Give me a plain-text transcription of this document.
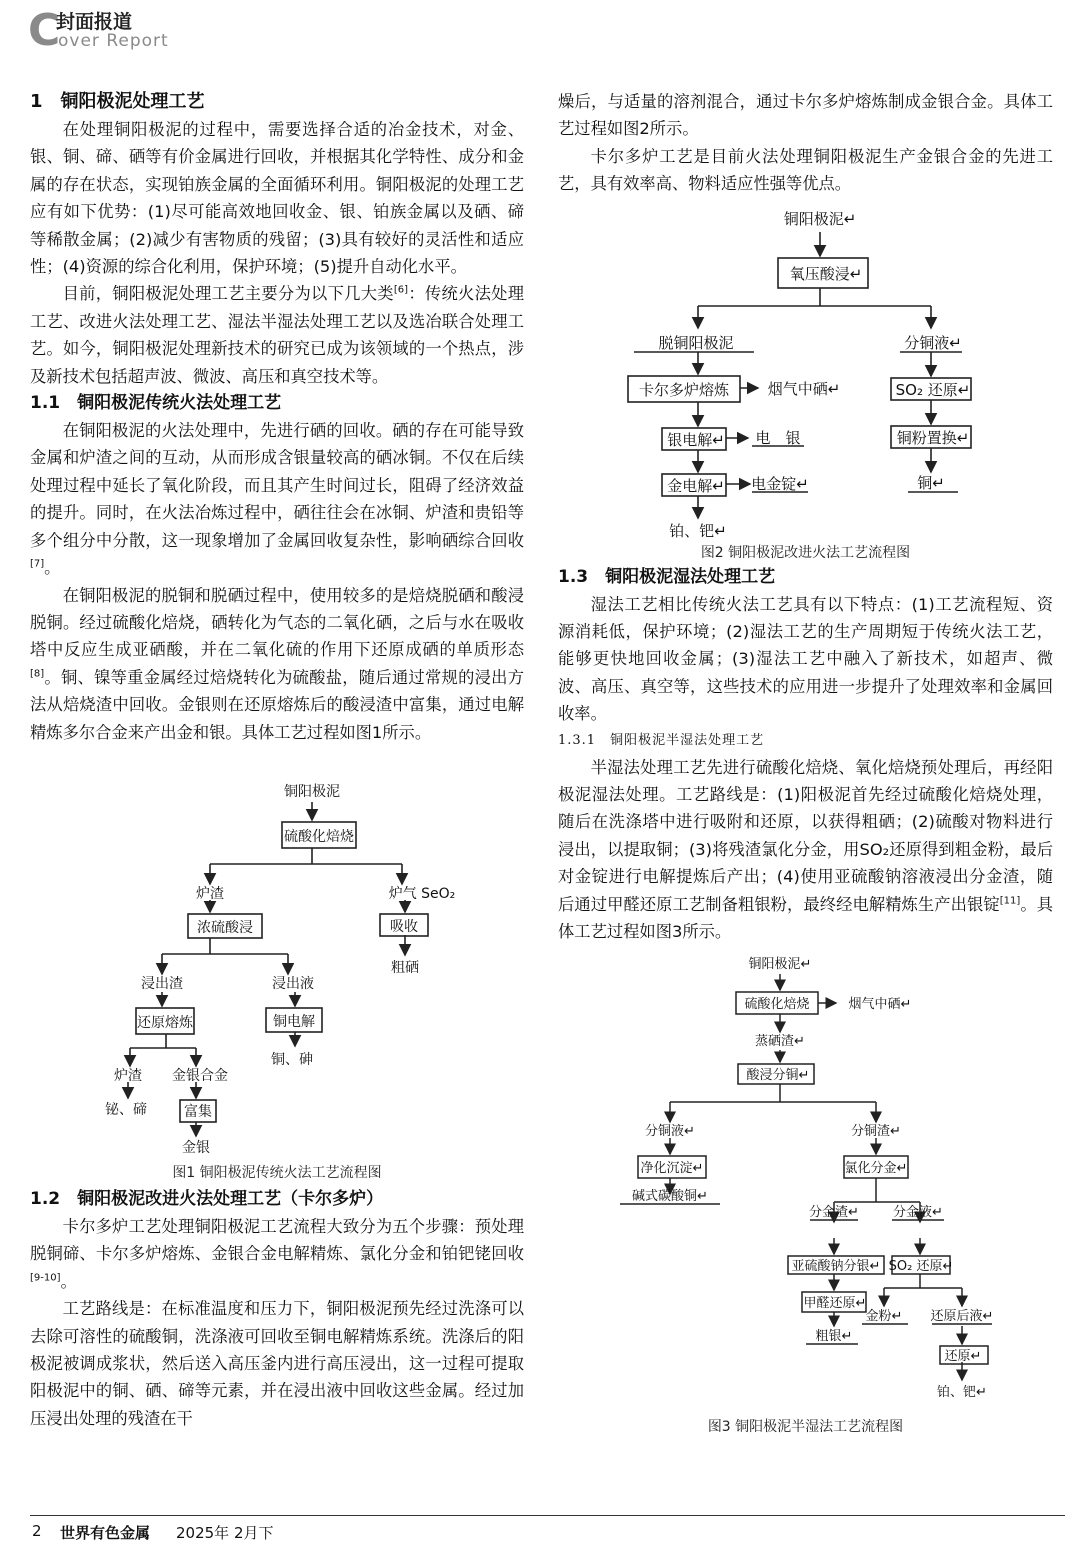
C
封面报道
over Report
1　铜阳极泥处理工艺

在处理铜阳极泥的过程中，需要选择合适的冶金技术，对金、银、铜、碲、硒等有价金属进行回收，并根据其化学特性、成分和金属的存在状态，实现铂族金属的全面循环利用。铜阳极泥的处理工艺应有如下优势：(1)尽可能高效地回收金、银、铂族金属以及硒、碲等稀散金属；(2)减少有害物质的残留；(3)具有较好的灵活性和适应性；(4)资源的综合化利用，保护环境；(5)提升自动化水平。

目前，铜阳极泥处理工艺主要分为以下几大类[6]：传统火法处理工艺、改进火法处理工艺、湿法半湿法处理工艺以及选冶联合处理工艺。如今，铜阳极泥处理新技术的研究已成为该领域的一个热点，涉及新技术包括超声波、微波、高压和真空技术等。

1.1　铜阳极泥传统火法处理工艺

在铜阳极泥的火法处理中，先进行硒的回收。硒的存在可能导致金属和炉渣之间的互动，从而形成含银量较高的硒冰铜。不仅在后续处理过程中延长了氧化阶段，而且其产生时间过长，阻碍了经济效益的提升。同时，在火法冶炼过程中，硒往往会在冰铜、炉渣和贵铅等多个组分中分散，这一现象增加了金属回收复杂性，影响硒综合回收[7]。

在铜阳极泥的脱铜和脱硒过程中，使用较多的是焙烧脱硒和酸浸脱铜。经过硫酸化焙烧，硒转化为气态的二氧化硒，之后与水在吸收塔中反应生成亚硒酸，并在二氧化硫的作用下还原成硒的单质形态[8]。铜、镍等重金属经过焙烧转化为硫酸盐，随后通过常规的浸出方法从焙烧渣中回收。金银则在还原熔炼后的酸浸渣中富集，通过电解精炼多尔合金来产出金和银。具体工艺过程如图1所示。

铜阳极泥
硫酸化焙烧
炉渣	炉气 SeO₂
浓硫酸浸	吸收
粗硒
浸出渣	浸出液
还原熔炼	铜电解
铜、砷
炉渣 金银合金
铋、碲	富集
金银
图1 铜阳极泥传统火法工艺流程图
1.2　铜阳极泥改进火法处理工艺（卡尔多炉）

卡尔多炉工艺处理铜阳极泥工艺流程大致分为五个步骤：预处理脱铜碲、卡尔多炉熔炼、金银合金电解精炼、氯化分金和铂钯铑回收[9-10]。

工艺路线是：在标准温度和压力下，铜阳极泥预先经过洗涤可以去除可溶性的硫酸铜，洗涤液可回收至铜电解精炼系统。洗涤后的阳极泥被调成浆状，然后送入高压釜内进行高压浸出，这一过程可提取阳极泥中的铜、硒、碲等元素，并在浸出液中回收这些金属。经过加压浸出处理的残渣在干

燥后，与适量的溶剂混合，通过卡尔多炉熔炼制成金银合金。具体工艺过程如图2所示。

卡尔多炉工艺是目前火法处理铜阳极泥生产金银合金的先进工艺，具有效率高、物料适应性强等优点。

铜阳极泥↵
氧压酸浸↵
脱铜阳极泥	分铜液↵
卡尔多炉熔炼	烟气中硒↵	SO₂ 还原↵
银电解↵ 电　银	铜粉置换↵
金电解↵ 电金锭↵	铜↵
铂、钯↵
图2 铜阳极泥改进火法工艺流程图
1.3　铜阳极泥湿法处理工艺

湿法工艺相比传统火法工艺具有以下特点：(1)工艺流程短、资源消耗低，保护环境；(2)湿法工艺的生产周期短于传统火法工艺，能够更快地回收金属；(3)湿法工艺中融入了新技术，如超声、微波、高压、真空等，这些技术的应用进一步提升了处理效率和金属回收率。

1.3.1　铜阳极泥半湿法处理工艺

半湿法处理工艺先进行硫酸化焙烧、氧化焙烧预处理后，再经阳极泥湿法处理。工艺路线是：(1)阳极泥首先经过硫酸化焙烧处理，随后在洗涤塔中进行吸附和还原，以获得粗硒；(2)硫酸对物料进行浸出，以提取铜；(3)将残渣氯化分金，用SO₂还原得到粗金粉，最后对金锭进行电解提炼后产出；(4)使用亚硫酸钠溶液浸出分金渣，随后通过甲醛还原工艺制备粗银粉，最终经电解精炼生产出银锭[11]。具体工艺过程如图3所示。

铜阳极泥↵
硫酸化焙烧	烟气中硒↵
蒸硒渣↵
酸浸分铜↵
分铜液↵	分铜渣↵
净化沉淀↵	氯化分金↵
碱式碳酸铜↵
分金渣↵	分金液↵
亚硫酸钠分银↵ SO₂ 还原↵
甲醛还原↵
金粉↵ 还原后液↵
粗银↵
还原↵
铂、钯↵
图3 铜阳极泥半湿法工艺流程图
2 世界有色金属 2025年 2月下
